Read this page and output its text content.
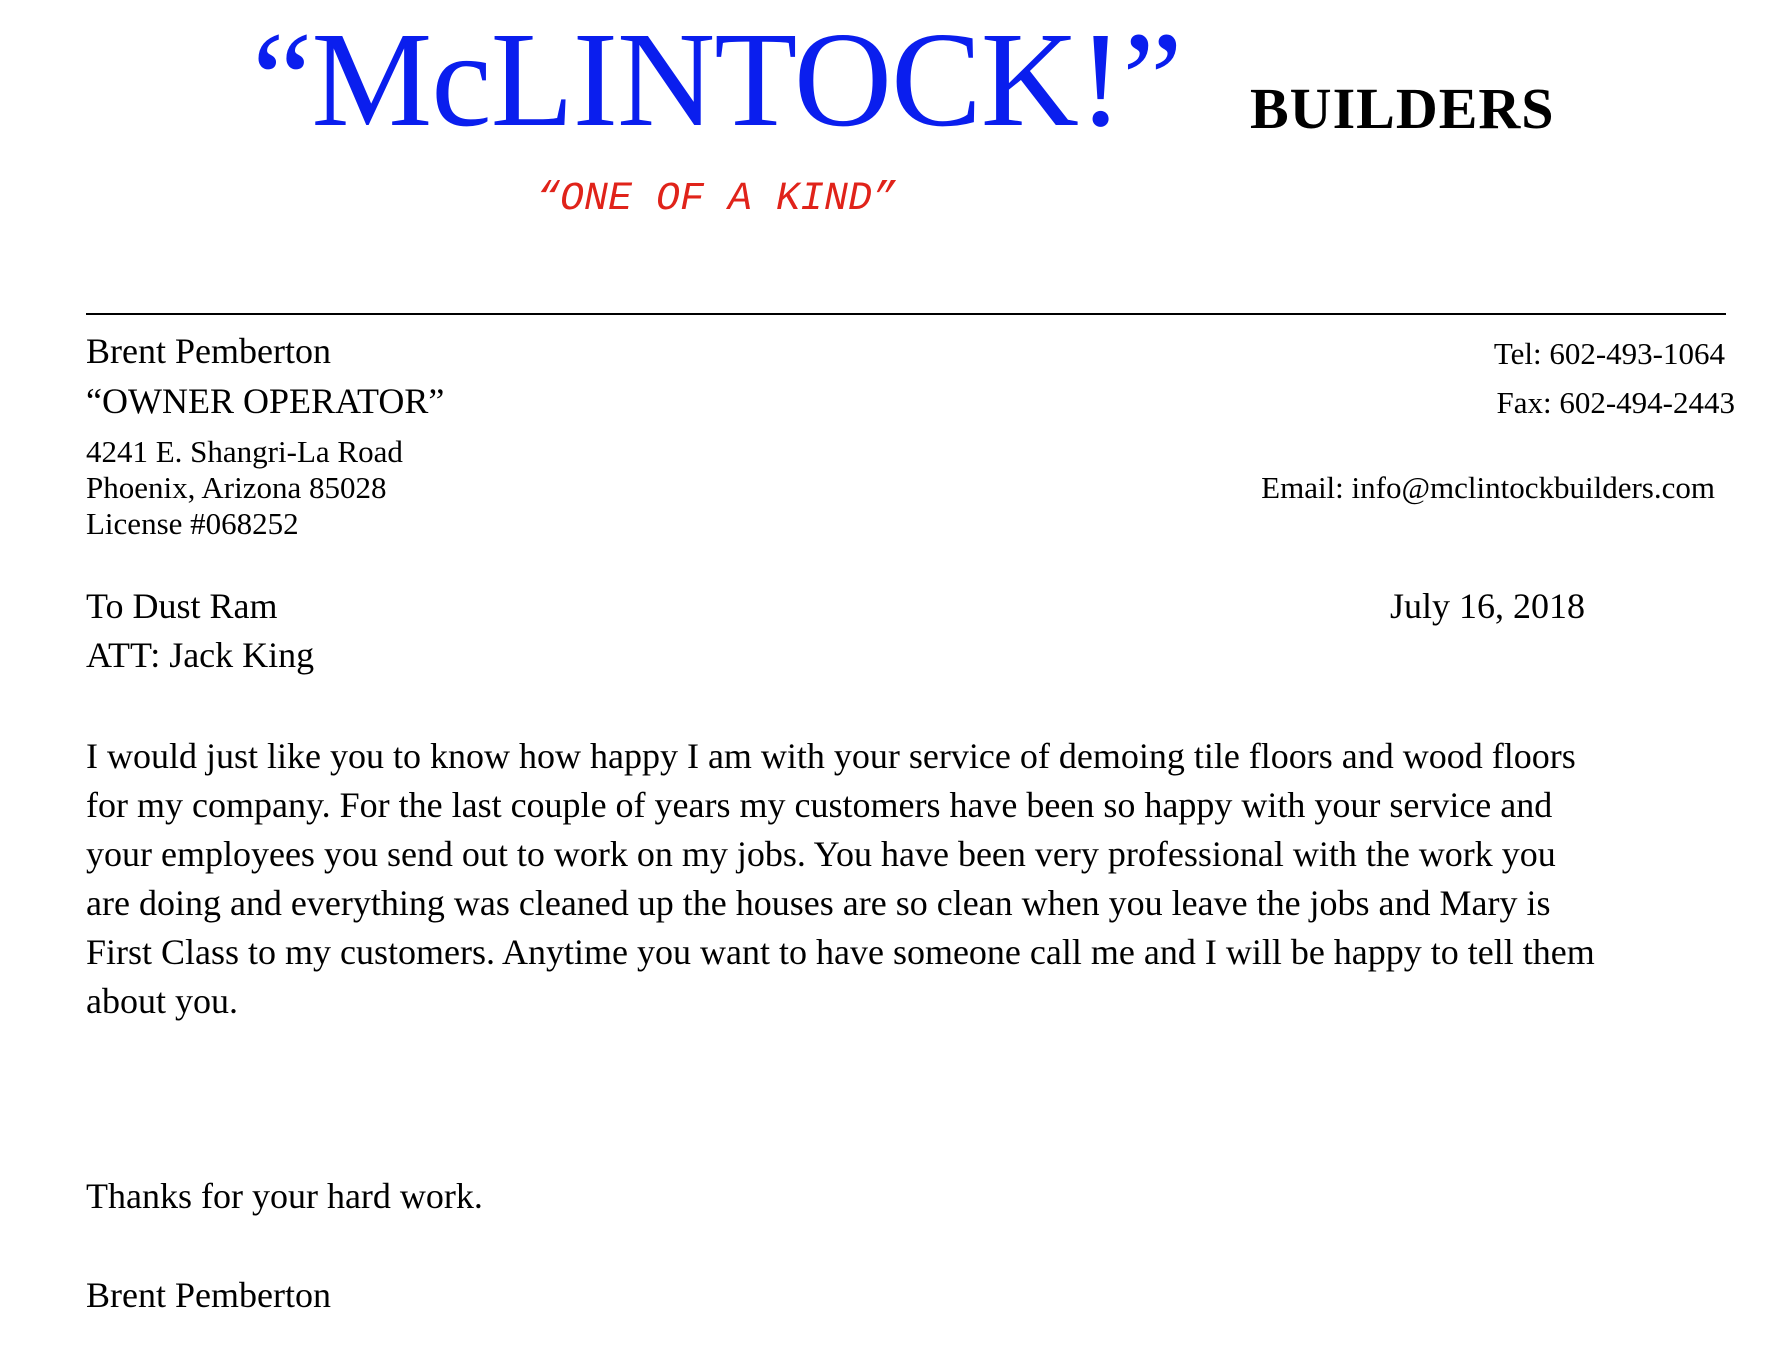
“McLINTOCK!” BUILDERS
“ONE OF A KIND”
Brent Pemberton
“OWNER OPERATOR”
4241 E. Shangri-La Road
Phoenix, Arizona 85028
License #068252
Tel: 602-493-1064
Fax: 602-494-2443
Email: info@mclintockbuilders.com
To Dust Ram
ATT: Jack King
July 16, 2018
I would just like you to know how happy I am with your service of demoing tile floors and wood floors
for my company. For the last couple of years my customers have been so happy with your service and
your employees you send out to work on my jobs. You have been very professional with the work you
are doing and everything was cleaned up the houses are so clean when you leave the jobs and Mary is
First Class to my customers. Anytime you want to have someone call me and I will be happy to tell them
about you.
Thanks for your hard work.
Brent Pemberton
